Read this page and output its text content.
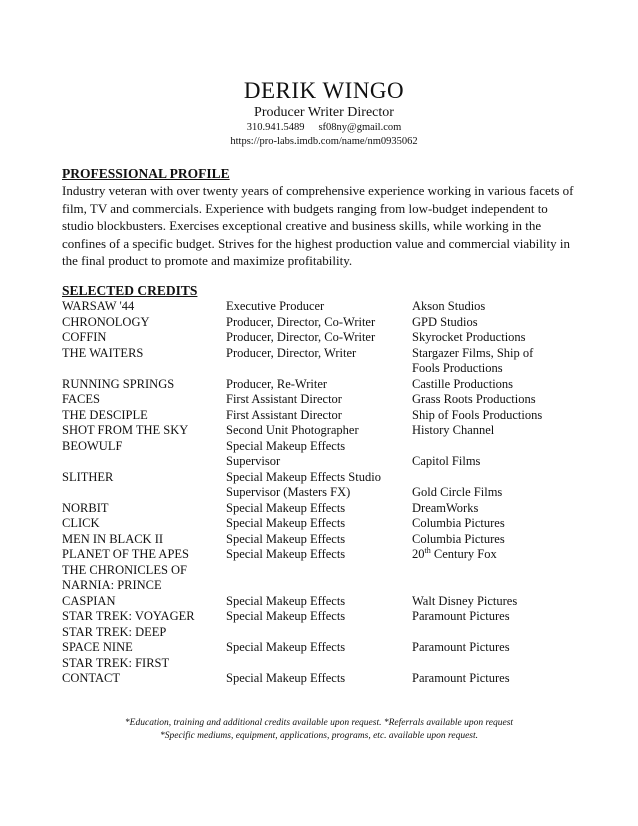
DERIK WINGO
Producer Writer Director
310.941.5489 sf08ny@gmail.com
https://pro-labs.imdb.com/name/nm0935062
PROFESSIONAL PROFILE
Industry veteran with over twenty years of comprehensive experience working in various facets of film, TV and commercials. Experience with budgets ranging from low-budget independent to studio blockbusters. Exercises exceptional creative and business skills, while working in the confines of a specific budget. Strives for the highest production value and commercial viability in the final product to promote and maximize profitability.
SELECTED CREDITS
WARSAW '44	Executive Producer	Akson Studios
CHRONOLOGY	Producer, Director, Co-Writer	GPD Studios
COFFIN	Producer, Director, Co-Writer	Skyrocket Productions
THE WAITERS	Producer, Director, Writer	Stargazer Films, Ship of
Fools Productions
RUNNING SPRINGS	Producer, Re-Writer	Castille Productions
FACES	First Assistant Director	Grass Roots Productions
THE DESCIPLE	First Assistant Director	Ship of Fools Productions
SHOT FROM THE SKY	Second Unit Photographer	History Channel
BEOWULF	Special Makeup Effects
Supervisor	Capitol Films
SLITHER	Special Makeup Effects Studio
Supervisor (Masters FX)	Gold Circle Films
NORBIT	Special Makeup Effects	DreamWorks
CLICK	Special Makeup Effects	Columbia Pictures
MEN IN BLACK II	Special Makeup Effects	Columbia Pictures
PLANET OF THE APES	Special Makeup Effects	20th Century Fox
THE CHRONICLES OF
NARNIA: PRINCE
CASPIAN	Special Makeup Effects	Walt Disney Pictures
STAR TREK: VOYAGER	Special Makeup Effects	Paramount Pictures
STAR TREK: DEEP
SPACE NINE	Special Makeup Effects	Paramount Pictures
STAR TREK: FIRST
CONTACT	Special Makeup Effects	Paramount Pictures
*Education, training and additional credits available upon request. *Referrals available upon request
*Specific mediums, equipment, applications, programs, etc. available upon request.
